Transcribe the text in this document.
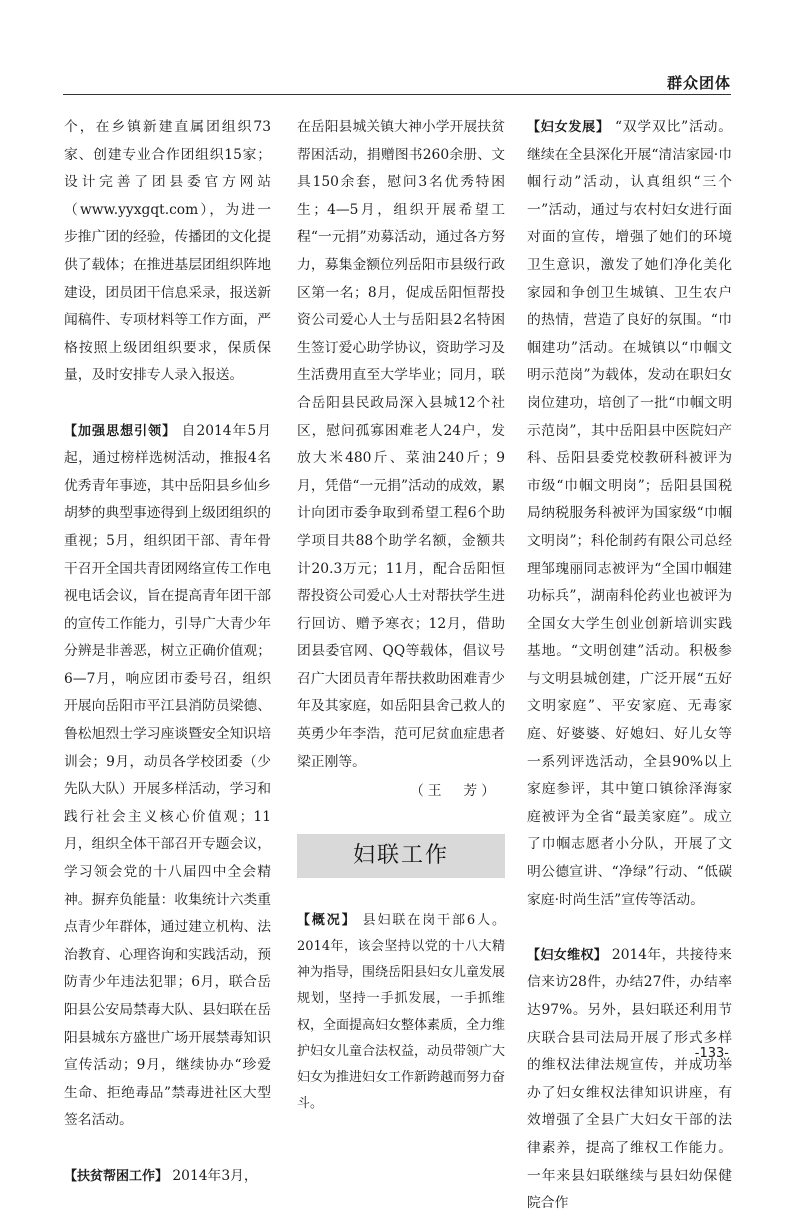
群众团体

个，在乡镇新建直属团组织73家、创建专业合作团组织15家；设计完善了团县委官方网站（www.yyxgqt.com），为进一步推广团的经验，传播团的文化提供了载体；在推进基层团组织阵地建设，团员团干信息采录，报送新闻稿件、专项材料等工作方面，严格按照上级团组织要求，保质保量，及时安排专人录入报送。

【加强思想引领】 自2014年5月起，通过榜样选树活动，推报4名优秀青年事迹，其中岳阳县乡仙乡胡梦的典型事迹得到上级团组织的重视；5月，组织团干部、青年骨干召开全国共青团网络宣传工作电视电话会议，旨在提高青年团干部的宣传工作能力，引导广大青少年分辨是非善恶，树立正确价值观；6—7月，响应团市委号召，组织开展向岳阳市平江县消防员梁德、鲁松旭烈士学习座谈暨安全知识培训会；9月，动员各学校团委（少先队大队）开展多样活动，学习和践行社会主义核心价值观；11月，组织全体干部召开专题会议，学习领会党的十八届四中全会精神。摒弃负能量：收集统计六类重点青少年群体，通过建立机构、法治教育、心理咨询和实践活动，预防青少年违法犯罪；6月，联合岳阳县公安局禁毒大队、县妇联在岳阳县城东方盛世广场开展禁毒知识宣传活动；9月，继续协办“珍爱生命、拒绝毒品”禁毒进社区大型签名活动。

【扶贫帮困工作】 2014年3月，

在岳阳县城关镇大神小学开展扶贫帮困活动，捐赠图书260余册、文具150余套，慰问3名优秀特困生；4—5月，组织开展希望工程“一元捐”劝募活动，通过各方努力，募集金额位列岳阳市县级行政区第一名；8月，促成岳阳恒帮投资公司爱心人士与岳阳县2名特困生签订爱心助学协议，资助学习及生活费用直至大学毕业；同月，联合岳阳县民政局深入县城12个社区，慰问孤寡困难老人24户，发放大米480斤、菜油240斤；9月，凭借“一元捐”活动的成效，累计向团市委争取到希望工程6个助学项目共88个助学名额，金额共计20.3万元；11月，配合岳阳恒帮投资公司爱心人士对帮扶学生进行回访、赠予寒衣；12月，借助团县委官网、QQ等载体，倡议号召广大团员青年帮扶救助困难青少年及其家庭，如岳阳县舍己救人的英勇少年李浩，范可尼贫血症患者梁正刚等。

（王　芳）

妇联工作

【概况】 县妇联在岗干部6人。2014年，该会坚持以党的十八大精神为指导，围绕岳阳县妇女儿童发展规划，坚持一手抓发展，一手抓维权，全面提高妇女整体素质，全力维护妇女儿童合法权益，动员带领广大妇女为推进妇女工作新跨越而努力奋斗。

【妇女发展】 “双学双比”活动。继续在全县深化开展“清洁家园·巾帼行动”活动，认真组织“三个一”活动，通过与农村妇女进行面对面的宣传，增强了她们的环境卫生意识，激发了她们净化美化家园和争创卫生城镇、卫生农户的热情，营造了良好的氛围。“巾帼建功”活动。在城镇以“巾帼文明示范岗”为载体，发动在职妇女岗位建功，培创了一批“巾帼文明示范岗”，其中岳阳县中医院妇产科、岳阳县委党校教研科被评为市级“巾帼文明岗”；岳阳县国税局纳税服务科被评为国家级“巾帼文明岗”；科伦制药有限公司总经理邹瑰丽同志被评为“全国巾帼建功标兵”，湖南科伦药业也被评为全国女大学生创业创新培训实践基地。“文明创建”活动。积极参与文明县城创建，广泛开展“五好文明家庭”、平安家庭、无毒家庭、好婆婆、好媳妇、好儿女等一系列评选活动，全县90%以上家庭参评，其中筻口镇徐泽海家庭被评为全省“最美家庭”。成立了巾帼志愿者小分队，开展了文明公德宣讲、“净绿”行动、“低碳家庭·时尚生活”宣传等活动。

【妇女维权】 2014年，共接待来信来访28件，办结27件，办结率达97%。另外，县妇联还利用节庆联合县司法局开展了形式多样的维权法律法规宣传，并成功举办了妇女维权法律知识讲座，有效增强了全县广大妇女干部的法律素养，提高了维权工作能力。一年来县妇联继续与县妇幼保健院合作

-133-
